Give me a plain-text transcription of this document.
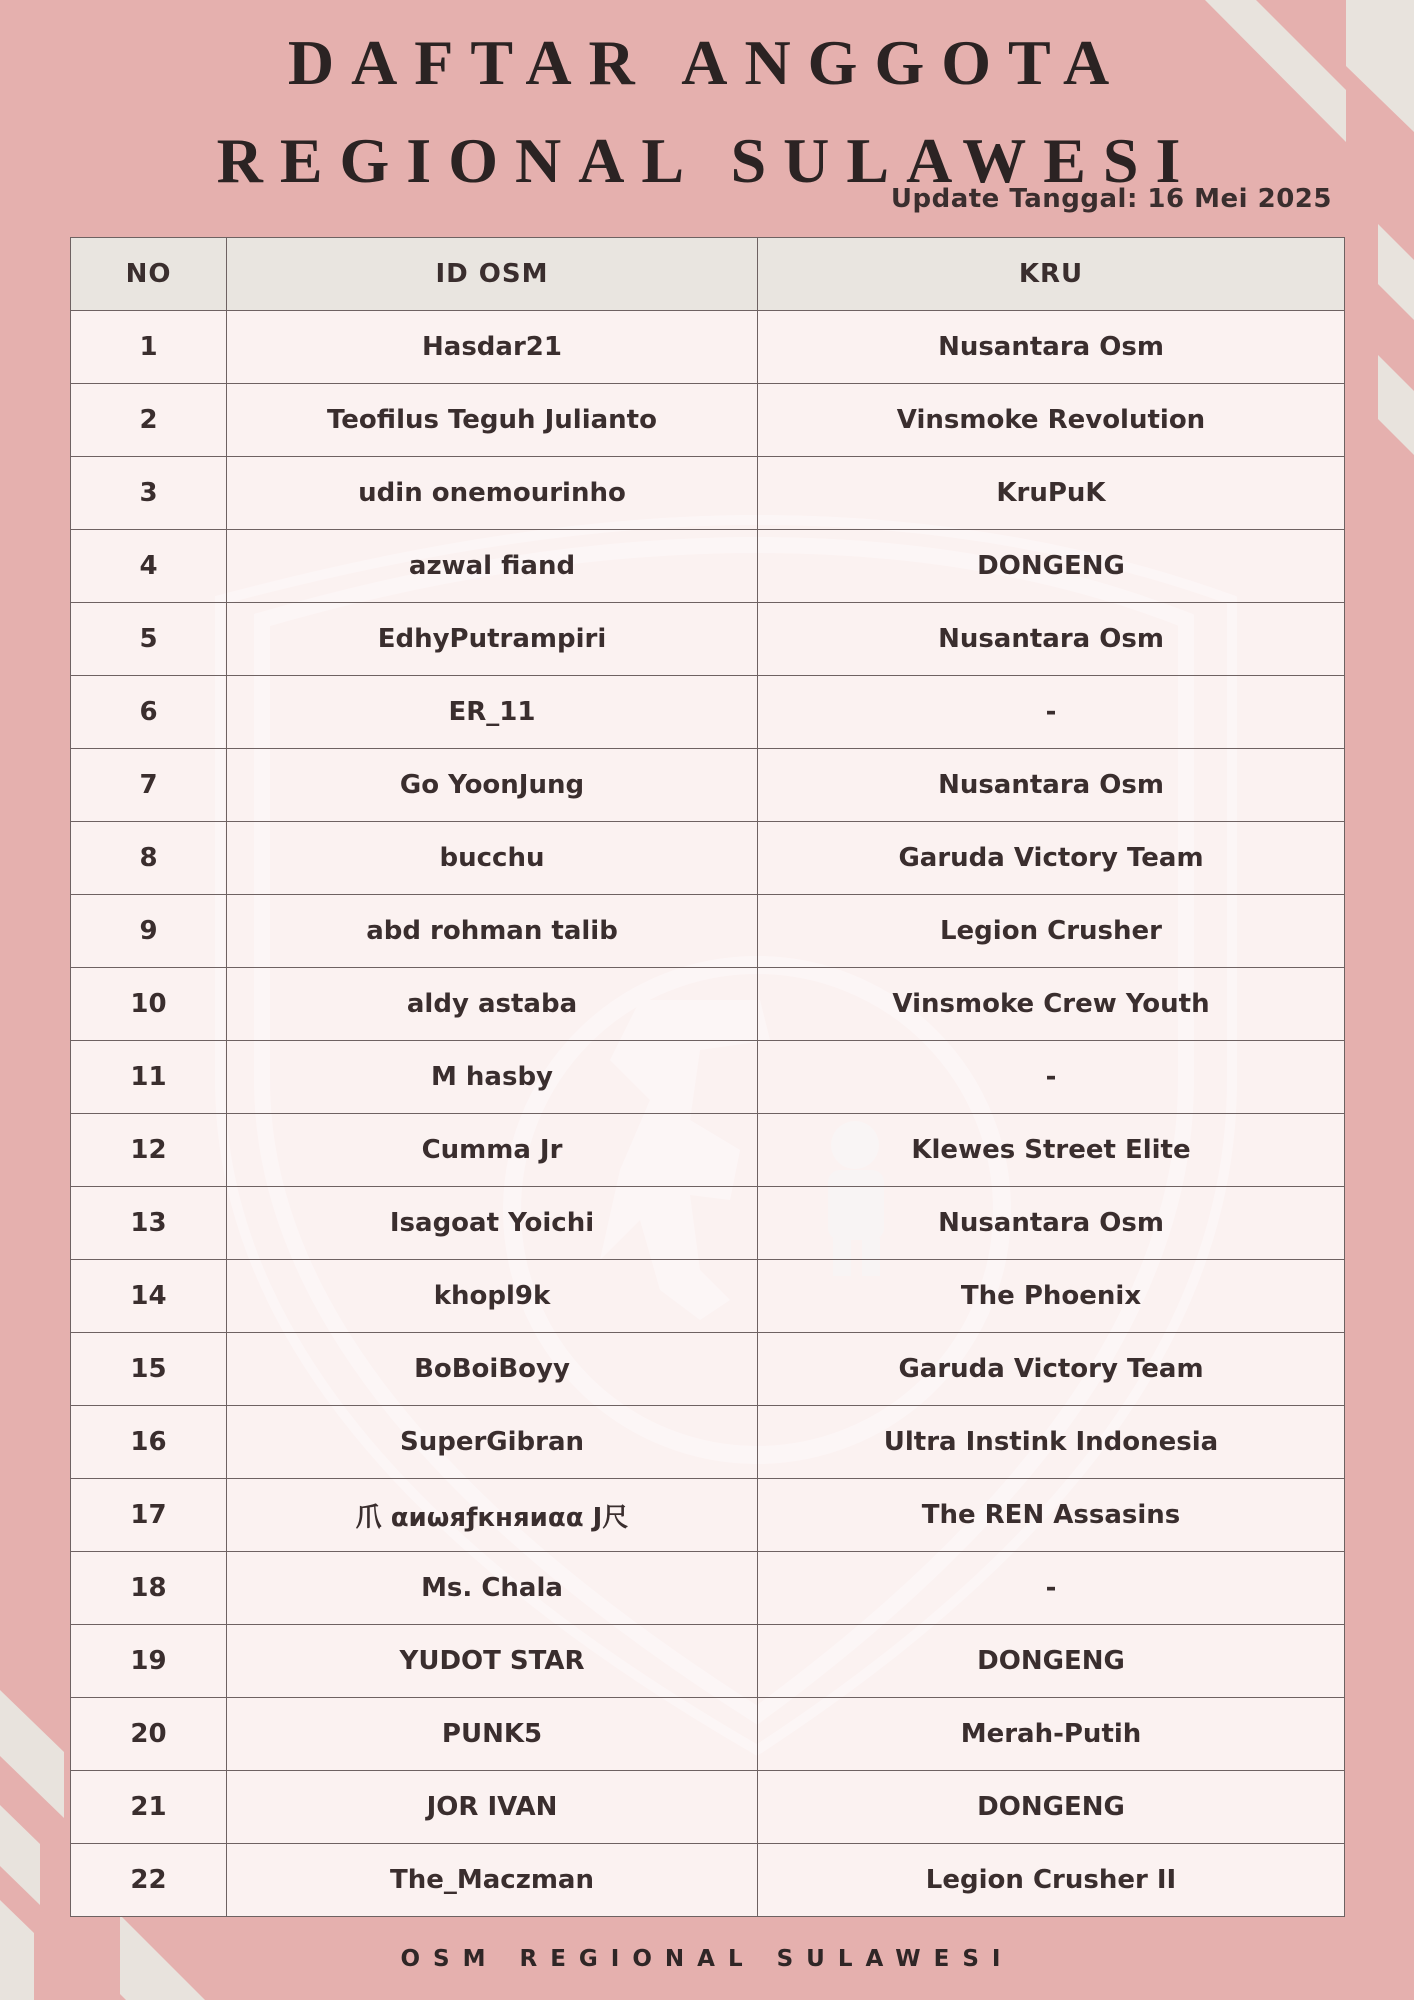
DAFTAR ANGGOTA
REGIONAL SULAWESI
Update Tanggal: 16 Mei 2025
NO	ID OSM	KRU
1	Hasdar21	Nusantara Osm
2	Teofilus Teguh Julianto	Vinsmoke Revolution
3	udin onemourinho	KruPuK
4	azwal fiand	DONGENG
5	EdhyPutrampiri	Nusantara Osm
6	ER_11	-
7	Go YoonJung	Nusantara Osm
8	bucchu	Garuda Victory Team
9	abd rohman talib	Legion Crusher
10	aldy astaba	Vinsmoke Crew Youth
11	M hasby	-
12	Cumma Jr	Klewes Street Elite
13	Isagoat Yoichi	Nusantara Osm
14	khopl9k	The Phoenix
15	BoBoiBoyy	Garuda Victory Team
16	SuperGibran	Ultra Instink Indonesia
17	爪 αиωяƒкняиαα J尺	The REN Assasins
18	Ms. Chala	-
19	YUDOT STAR	DONGENG
20	PUNK5	Merah-Putih
21	JOR IVAN	DONGENG
22	The_Maczman	Legion Crusher II
OSM REGIONAL SULAWESI
